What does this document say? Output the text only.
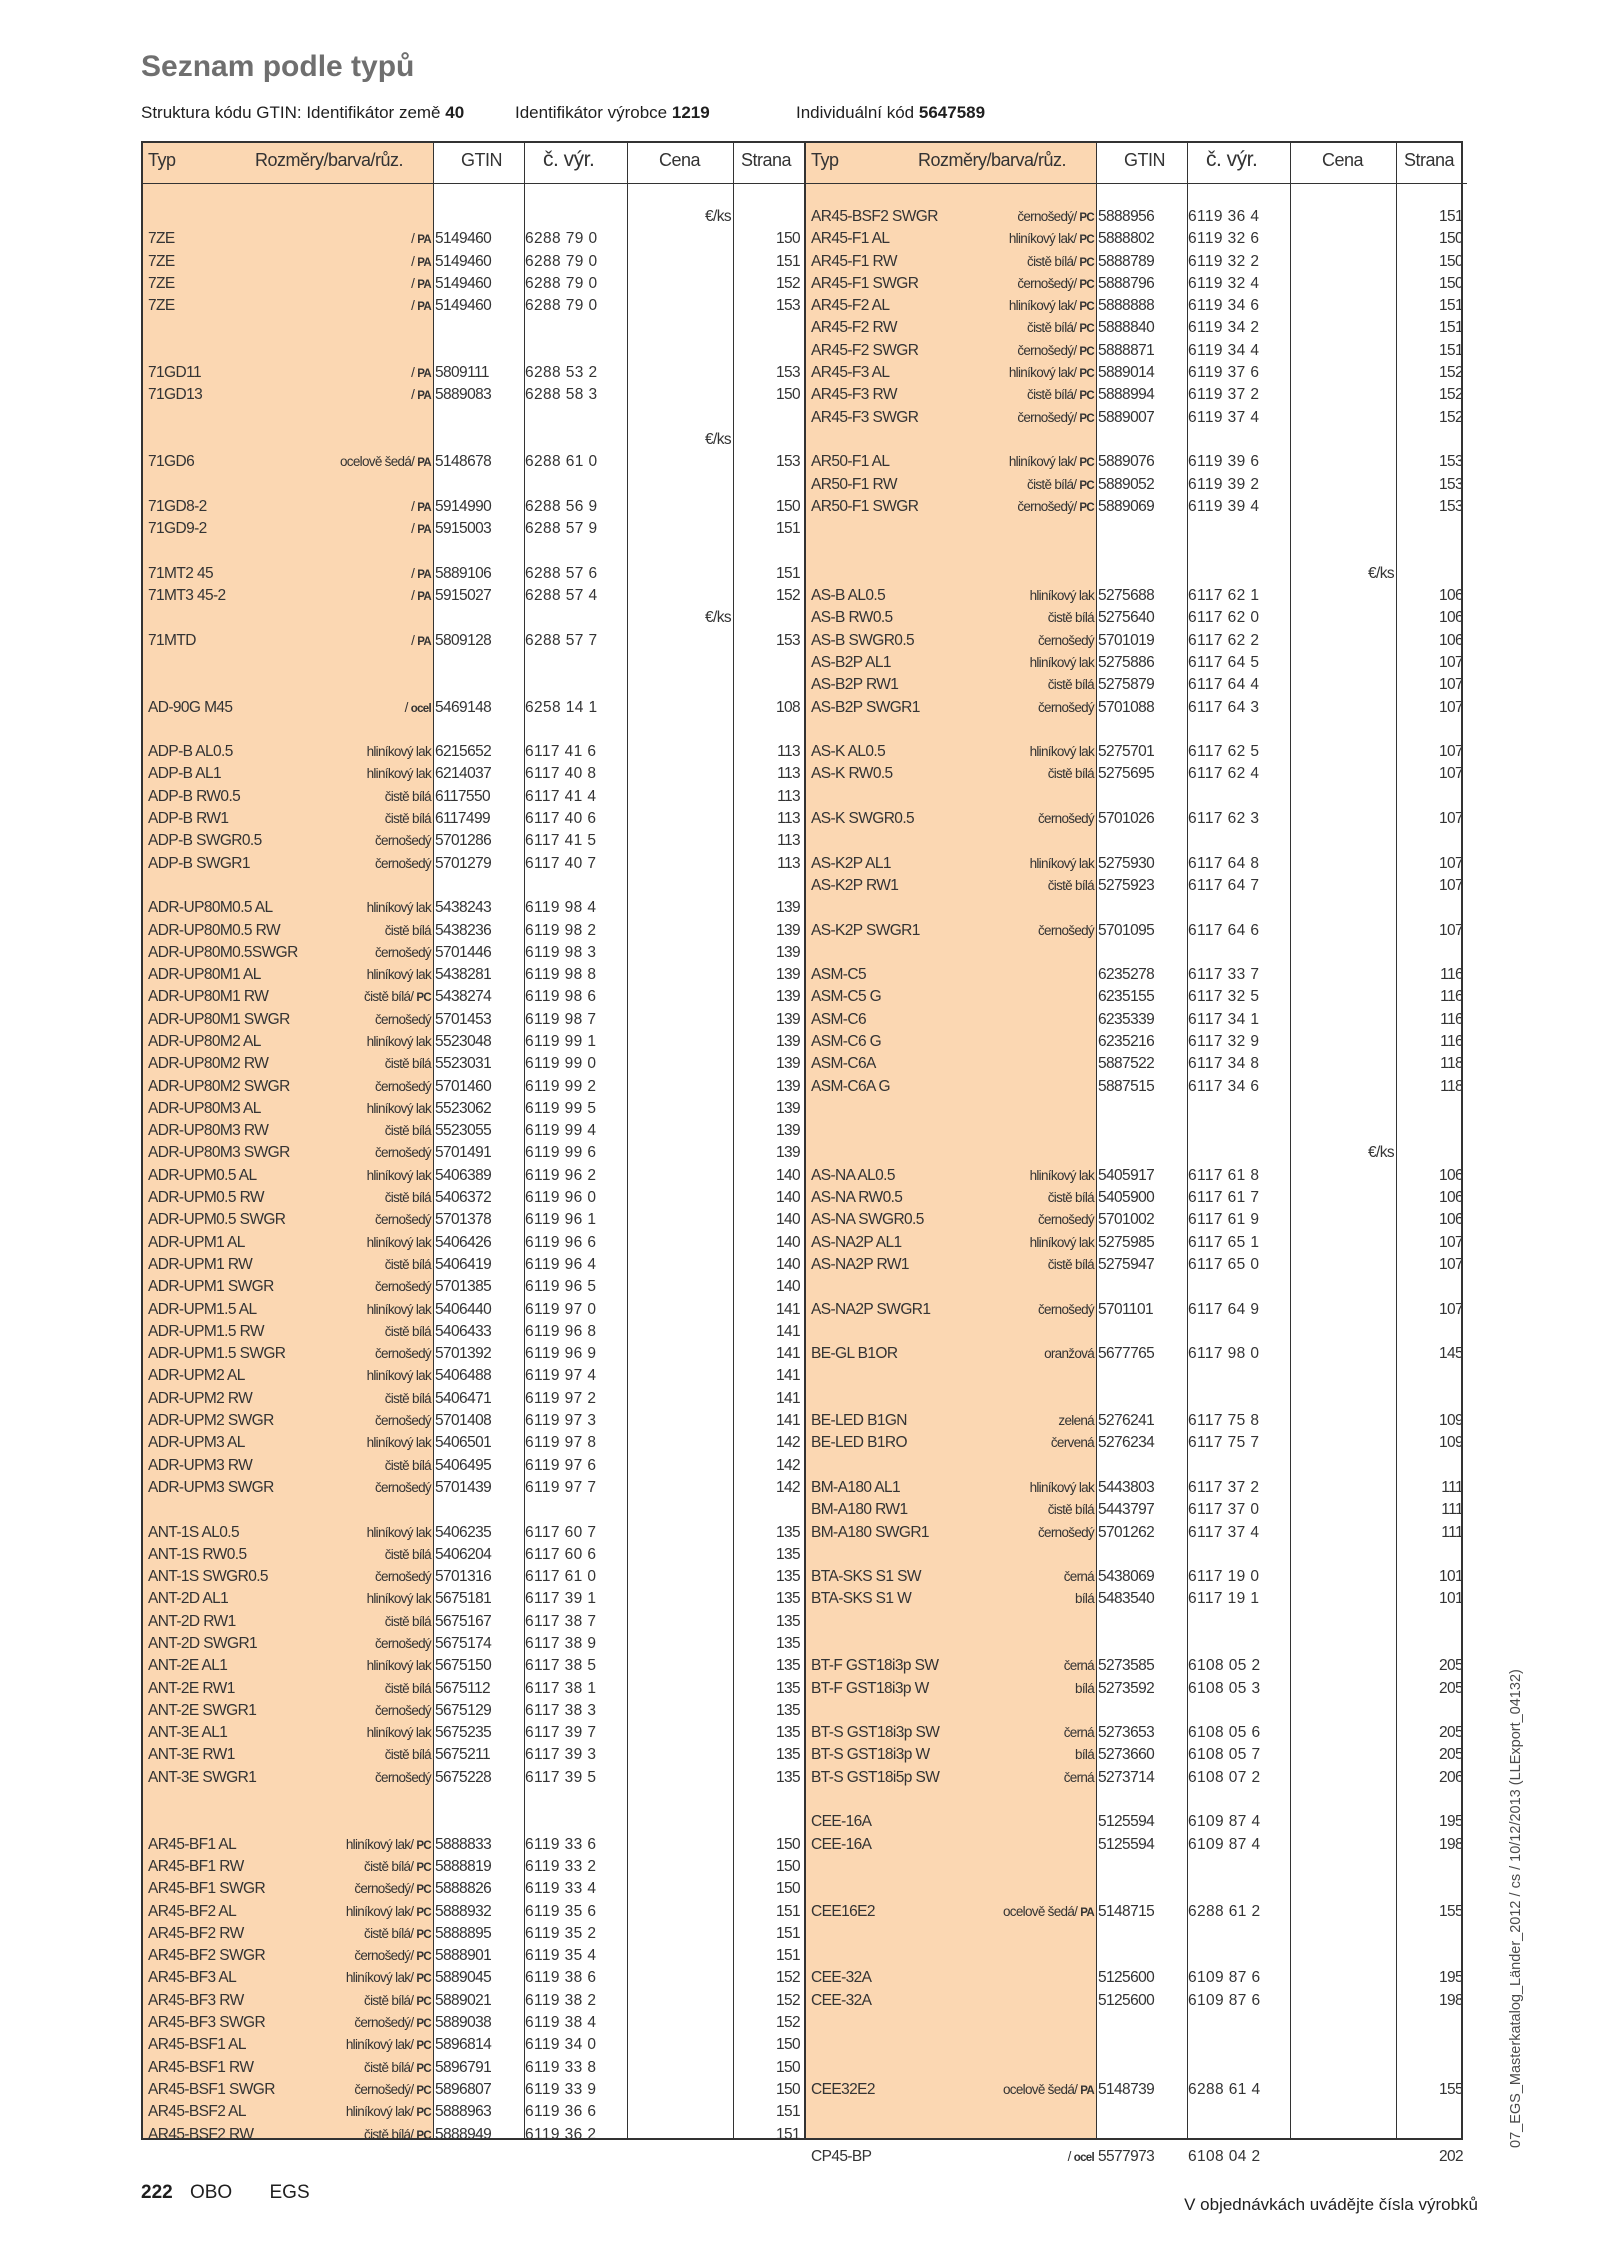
Seznam podle typů
Struktura kódu GTIN: Identifikátor země 40	Identifikátor výrobce 1219	Individuální kód 5647589
Typ	Rozměry/barva/růz.	GTIN č. výr.	Cena Strana
€/ks
7ZE	/ PA 5149460 6288 79 0	150
7ZE	/ PA 5149460 6288 79 0	151
7ZE	/ PA 5149460 6288 79 0	152
7ZE	/ PA 5149460 6288 79 0	153
71GD11	/ PA 5809111 6288 53 2	153
71GD13	/ PA 5889083 6288 58 3	150
€/ks
71GD6	ocelově šedá/ PA 5148678 6288 61 0	153
71GD8-2	/ PA 5914990 6288 56 9	150
71GD9-2	/ PA 5915003 6288 57 9	151
71MT2 45	/ PA 5889106 6288 57 6	151
71MT3 45-2	/ PA 5915027 6288 57 4	152
€/ks
71MTD	/ PA 5809128 6288 57 7	153
AD-90G M45	/ ocel 5469148 6258 14 1	108
ADP-B AL0.5	hliníkový lak 6215652 6117 41 6	113
ADP-B AL1	hliníkový lak 6214037 6117 40 8	113
ADP-B RW0.5	čistě bílá 6117550 6117 41 4	113
ADP-B RW1	čistě bílá 6117499 6117 40 6	113
ADP-B SWGR0.5	černošedý 5701286 6117 41 5	113
ADP-B SWGR1	černošedý 5701279 6117 40 7	113
ADR-UP80M0.5 AL	hliníkový lak 5438243 6119 98 4	139
ADR-UP80M0.5 RW	čistě bílá 5438236 6119 98 2	139
ADR-UP80M0.5SWGR	černošedý 5701446 6119 98 3	139
ADR-UP80M1 AL	hliníkový lak 5438281 6119 98 8	139
ADR-UP80M1 RW	čistě bílá/ PC 5438274 6119 98 6	139
ADR-UP80M1 SWGR	černošedý 5701453 6119 98 7	139
ADR-UP80M2 AL	hliníkový lak 5523048 6119 99 1	139
ADR-UP80M2 RW	čistě bílá 5523031 6119 99 0	139
ADR-UP80M2 SWGR	černošedý 5701460 6119 99 2	139
ADR-UP80M3 AL	hliníkový lak 5523062 6119 99 5	139
ADR-UP80M3 RW	čistě bílá 5523055 6119 99 4	139
ADR-UP80M3 SWGR	černošedý 5701491 6119 99 6	139
ADR-UPM0.5 AL	hliníkový lak 5406389 6119 96 2	140
ADR-UPM0.5 RW	čistě bílá 5406372 6119 96 0	140
ADR-UPM0.5 SWGR	černošedý 5701378 6119 96 1	140
ADR-UPM1 AL	hliníkový lak 5406426 6119 96 6	140
ADR-UPM1 RW	čistě bílá 5406419 6119 96 4	140
ADR-UPM1 SWGR	černošedý 5701385 6119 96 5	140
ADR-UPM1.5 AL	hliníkový lak 5406440 6119 97 0	141
ADR-UPM1.5 RW	čistě bílá 5406433 6119 96 8	141
ADR-UPM1.5 SWGR	černošedý 5701392 6119 96 9	141
ADR-UPM2 AL	hliníkový lak 5406488 6119 97 4	141
ADR-UPM2 RW	čistě bílá 5406471 6119 97 2	141
ADR-UPM2 SWGR	černošedý 5701408 6119 97 3	141
ADR-UPM3 AL	hliníkový lak 5406501 6119 97 8	142
ADR-UPM3 RW	čistě bílá 5406495 6119 97 6	142
ADR-UPM3 SWGR	černošedý 5701439 6119 97 7	142
ANT-1S AL0.5	hliníkový lak 5406235 6117 60 7	135
ANT-1S RW0.5	čistě bílá 5406204 6117 60 6	135
ANT-1S SWGR0.5	černošedý 5701316 6117 61 0	135
ANT-2D AL1	hliníkový lak 5675181 6117 39 1	135
ANT-2D RW1	čistě bílá 5675167 6117 38 7	135
ANT-2D SWGR1	černošedý 5675174 6117 38 9	135
ANT-2E AL1	hliníkový lak 5675150 6117 38 5	135
ANT-2E RW1	čistě bílá 5675112 6117 38 1	135
ANT-2E SWGR1	černošedý 5675129 6117 38 3	135
ANT-3E AL1	hliníkový lak 5675235 6117 39 7	135
ANT-3E RW1	čistě bílá 5675211 6117 39 3	135
ANT-3E SWGR1	černošedý 5675228 6117 39 5	135
AR45-BF1 AL	hliníkový lak/ PC 5888833 6119 33 6	150
AR45-BF1 RW	čistě bílá/ PC 5888819 6119 33 2	150
AR45-BF1 SWGR	černošedý/ PC 5888826 6119 33 4	150
AR45-BF2 AL	hliníkový lak/ PC 5888932 6119 35 6	151
AR45-BF2 RW	čistě bílá/ PC 5888895 6119 35 2	151
AR45-BF2 SWGR	černošedý/ PC 5888901 6119 35 4	151
AR45-BF3 AL	hliníkový lak/ PC 5889045 6119 38 6	152
AR45-BF3 RW	čistě bílá/ PC 5889021 6119 38 2	152
AR45-BF3 SWGR	černošedý/ PC 5889038 6119 38 4	152
AR45-BSF1 AL	hliníkový lak/ PC 5896814 6119 34 0	150
AR45-BSF1 RW	čistě bílá/ PC 5896791 6119 33 8	150
AR45-BSF1 SWGR	černošedý/ PC 5896807 6119 33 9	150
AR45-BSF2 AL	hliníkový lak/ PC 5888963 6119 36 6	151
AR45-BSF2 RW	čistě bílá/ PC 5888949 6119 36 2	151
Typ	Rozměry/barva/růz.	GTIN č. výr.	Cena Strana
AR45-BSF2 SWGR	černošedý/ PC 5888956 6119 36 4	151
AR45-F1 AL	hliníkový lak/ PC 5888802 6119 32 6	150
AR45-F1 RW	čistě bílá/ PC 5888789 6119 32 2	150
AR45-F1 SWGR	černošedý/ PC 5888796 6119 32 4	150
AR45-F2 AL	hliníkový lak/ PC 5888888 6119 34 6	151
AR45-F2 RW	čistě bílá/ PC 5888840 6119 34 2	151
AR45-F2 SWGR	černošedý/ PC 5888871 6119 34 4	151
AR45-F3 AL	hliníkový lak/ PC 5889014 6119 37 6	152
AR45-F3 RW	čistě bílá/ PC 5888994 6119 37 2	152
AR45-F3 SWGR	černošedý/ PC 5889007 6119 37 4	152
AR50-F1 AL	hliníkový lak/ PC 5889076 6119 39 6	153
AR50-F1 RW	čistě bílá/ PC 5889052 6119 39 2	153
AR50-F1 SWGR	černošedý/ PC 5889069 6119 39 4	153
€/ks
AS-B AL0.5	hliníkový lak 5275688 6117 62 1	106
AS-B RW0.5	čistě bílá 5275640 6117 62 0	106
AS-B SWGR0.5	černošedý 5701019 6117 62 2	106
AS-B2P AL1	hliníkový lak 5275886 6117 64 5	107
AS-B2P RW1	čistě bílá 5275879 6117 64 4	107
AS-B2P SWGR1	černošedý 5701088 6117 64 3	107
AS-K AL0.5	hliníkový lak 5275701 6117 62 5	107
AS-K RW0.5	čistě bílá 5275695 6117 62 4	107
AS-K SWGR0.5	černošedý 5701026 6117 62 3	107
AS-K2P AL1	hliníkový lak 5275930 6117 64 8	107
AS-K2P RW1	čistě bílá 5275923 6117 64 7	107
AS-K2P SWGR1	černošedý 5701095 6117 64 6	107
ASM-C5	6235278 6117 33 7	116
ASM-C5 G	6235155 6117 32 5	116
ASM-C6	6235339 6117 34 1	116
ASM-C6 G	6235216 6117 32 9	116
ASM-C6A	5887522 6117 34 8	118
ASM-C6A G	5887515 6117 34 6	118
€/ks
AS-NA AL0.5	hliníkový lak 5405917 6117 61 8	106
AS-NA RW0.5	čistě bílá 5405900 6117 61 7	106
AS-NA SWGR0.5	černošedý 5701002 6117 61 9	106
AS-NA2P AL1	hliníkový lak 5275985 6117 65 1	107
AS-NA2P RW1	čistě bílá 5275947 6117 65 0	107
AS-NA2P SWGR1	černošedý 5701101 6117 64 9	107
BE-GL B1OR	oranžová 5677765 6117 98 0	145
BE-LED B1GN	zelená 5276241 6117 75 8	109
BE-LED B1RO	červená 5276234 6117 75 7	109
BM-A180 AL1	hliníkový lak 5443803 6117 37 2	111
BM-A180 RW1	čistě bílá 5443797 6117 37 0	111
BM-A180 SWGR1	černošedý 5701262 6117 37 4	111
BTA-SKS S1 SW	černá 5438069 6117 19 0	101
BTA-SKS S1 W	bílá 5483540 6117 19 1	101
BT-F GST18i3p SW	černá 5273585 6108 05 2	205
BT-F GST18i3p W	bílá 5273592 6108 05 3	205
BT-S GST18i3p SW	černá 5273653 6108 05 6	205
BT-S GST18i3p W	bílá 5273660 6108 05 7	205
BT-S GST18i5p SW	černá 5273714 6108 07 2	206
CEE-16A	5125594 6109 87 4	195
CEE-16A	5125594 6109 87 4	198
CEE16E2	ocelově šedá/ PA 5148715 6288 61 2	155
CEE-32A	5125600 6109 87 6	195
CEE-32A	5125600 6109 87 6	198
CEE32E2	ocelově šedá/ PA 5148739 6288 61 4	155
CP45-BP	/ ocel 5577973 6108 04 2	202
222 OBO EGS
V objednávkách uvádějte čísla výrobků
07_EGS_Masterkatalog_Länder_2012 / cs / 10/12/2013 (LLExport_04132)
